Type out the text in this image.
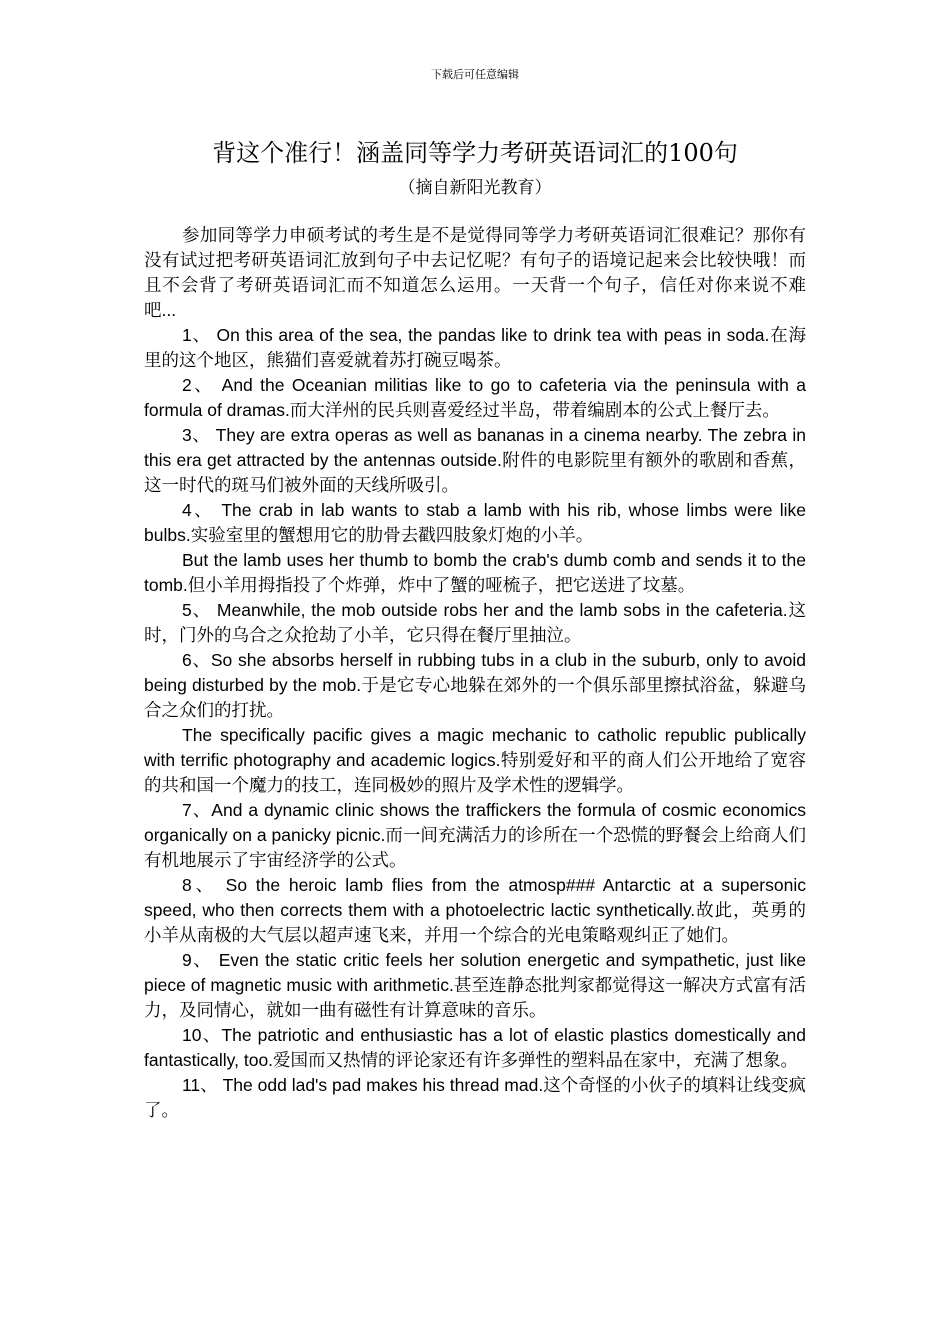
下载后可任意编辑
背这个准行！涵盖同等学力考研英语词汇的100句
（摘自新阳光教育）

参加同等学力申硕考试的考生是不是觉得同等学力考研英语词汇很难记？那你有没有试过把考研英语词汇放到句子中去记忆呢？有句子的语境记起来会比较快哦！而且不会背了考研英语词汇而不知道怎么运用。一天背一个句子，信任对你来说不难吧...

1、 On this area of the sea, the pandas like to drink tea with peas in soda.在海里的这个地区，熊猫们喜爱就着苏打碗豆喝茶。

2、 And the Oceanian militias like to go to cafeteria via the peninsula with a formula of dramas.而大洋州的民兵则喜爱经过半岛，带着编剧本的公式上餐厅去。

3、 They are extra operas as well as bananas in a cinema nearby. The zebra in this era get attracted by the antennas outside.附件的电影院里有额外的歌剧和香蕉，这一时代的斑马们被外面的天线所吸引。

4、 The crab in lab wants to stab a lamb with his rib, whose limbs were like bulbs.实验室里的蟹想用它的肋骨去戳四肢象灯炮的小羊。

But the lamb uses her thumb to bomb the crab's dumb comb and sends it to the tomb.但小羊用拇指投了个炸弹，炸中了蟹的哑梳子，把它送进了坟墓。

5、 Meanwhile, the mob outside robs her and the lamb sobs in the cafeteria.这时，门外的乌合之众抢劫了小羊，它只得在餐厅里抽泣。

6、So she absorbs herself in rubbing tubs in a club in the suburb, only to avoid being disturbed by the mob.于是它专心地躲在郊外的一个俱乐部里擦拭浴盆，躲避乌合之众们的打扰。

The specifically pacific gives a magic mechanic to catholic republic publically with terrific photography and academic logics.特别爱好和平的商人们公开地给了宽容的共和国一个魔力的技工，连同极妙的照片及学术性的逻辑学。

7、And a dynamic clinic shows the traffickers the formula of cosmic economics organically on a panicky picnic.而一间充满活力的诊所在一个恐慌的野餐会上给商人们有机地展示了宇宙经济学的公式。

8、 So the heroic lamb flies from the atmosp### Antarctic at a supersonic speed, who then corrects them with a photoelectric lactic synthetically.故此，英勇的小羊从南极的大气层以超声速飞来，并用一个综合的光电策略观纠正了她们。

9、 Even the static critic feels her solution energetic and sympathetic, just like piece of magnetic music with arithmetic.甚至连静态批判家都觉得这一解决方式富有活力，及同情心，就如一曲有磁性有计算意味的音乐。

10、The patriotic and enthusiastic has a lot of elastic plastics domestically and fantastically, too.爱国而又热情的评论家还有许多弹性的塑料品在家中，充满了想象。

11、 The odd lad's pad makes his thread mad.这个奇怪的小伙子的填料让线变疯了。
